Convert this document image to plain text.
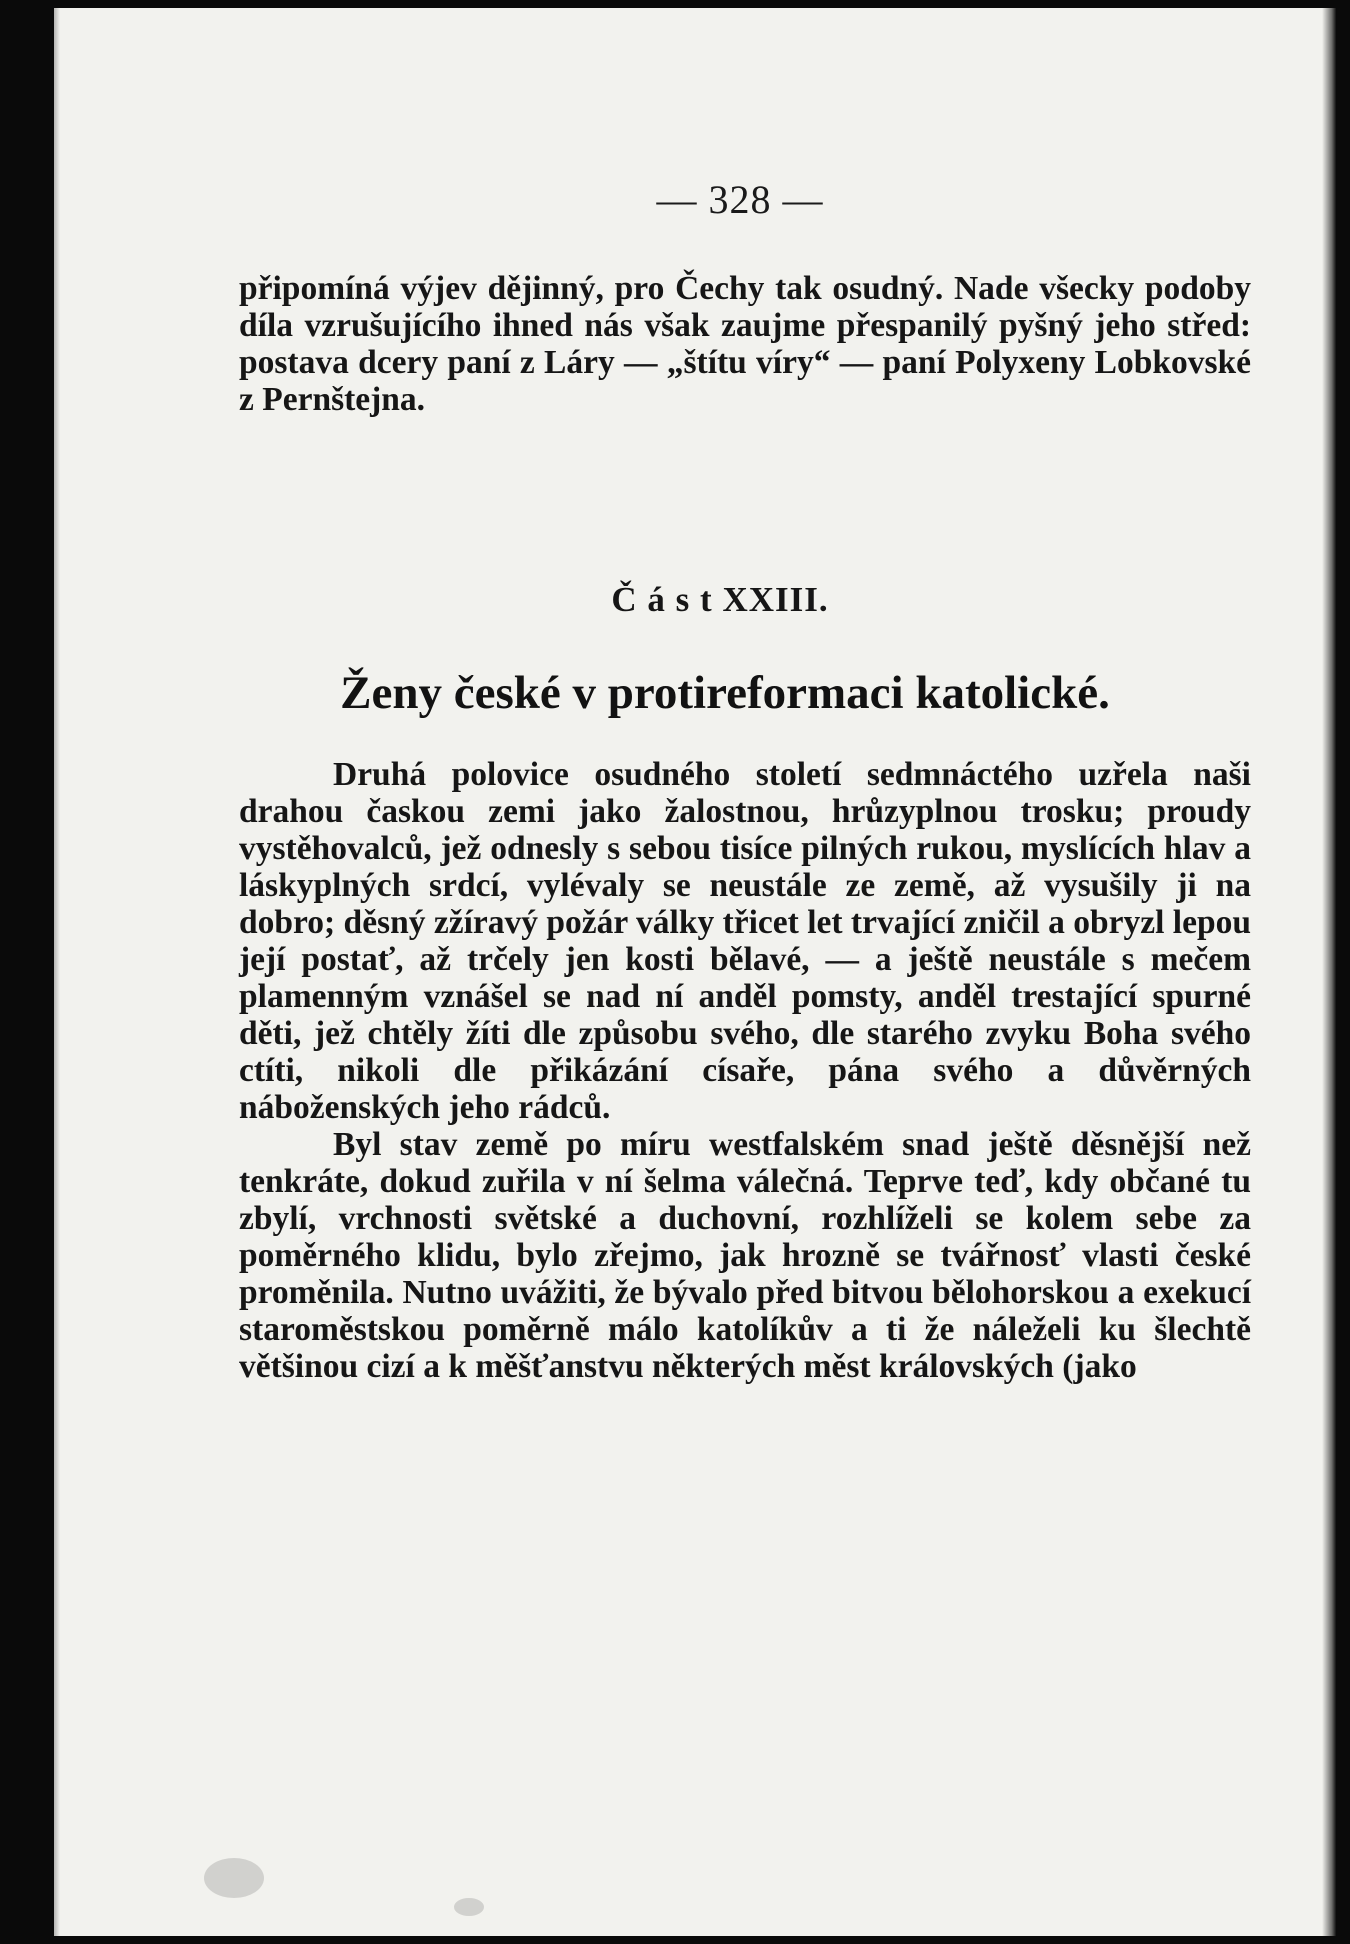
— 328 —

připomíná výjev dějinný, pro Čechy tak osudný. Nade všecky podoby díla vzrušujícího ihned nás však zaujme přespanilý pyšný jeho střed: postava dcery paní z Láry — „štítu víry“ — paní Polyxeny Lobkovské z Pernštejna.

Č á s t XXIII.
Ženy české v protireformaci katolické.

Druhá polovice osudného století sedmnáctého uzřela naši drahou časkou zemi jako žalostnou, hrůzyplnou trosku; proudy vystěhovalců, jež odnesly s sebou tisíce pilných rukou, myslících hlav a láskyplných srdcí, vylévaly se neustále ze země, až vysušily ji na dobro; děsný zžíravý požár války třicet let trvající zničil a obryzl lepou její postať, až trčely jen kosti bělavé, — a ještě neustále s mečem plamenným vznášel se nad ní anděl pomsty, anděl trestající spurné děti, jež chtěly žíti dle způsobu svého, dle starého zvyku Boha svého ctíti, nikoli dle přikázání císaře, pána svého a důvěrných náboženských jeho rádců.

Byl stav země po míru westfalském snad ještě děsnější než tenkráte, dokud zuřila v ní šelma válečná. Teprve teď, kdy občané tu zbylí, vrchnosti světské a duchovní, rozhlíželi se kolem sebe za poměrného klidu, bylo zřejmo, jak hrozně se tvářnosť vlasti české proměnila. Nutno uvážiti, že bývalo před bitvou bělohorskou a exekucí staroměstskou poměrně málo katolíkův a ti že náleželi ku šlechtě většinou cizí a k měšťanstvu některých měst královských (jako
